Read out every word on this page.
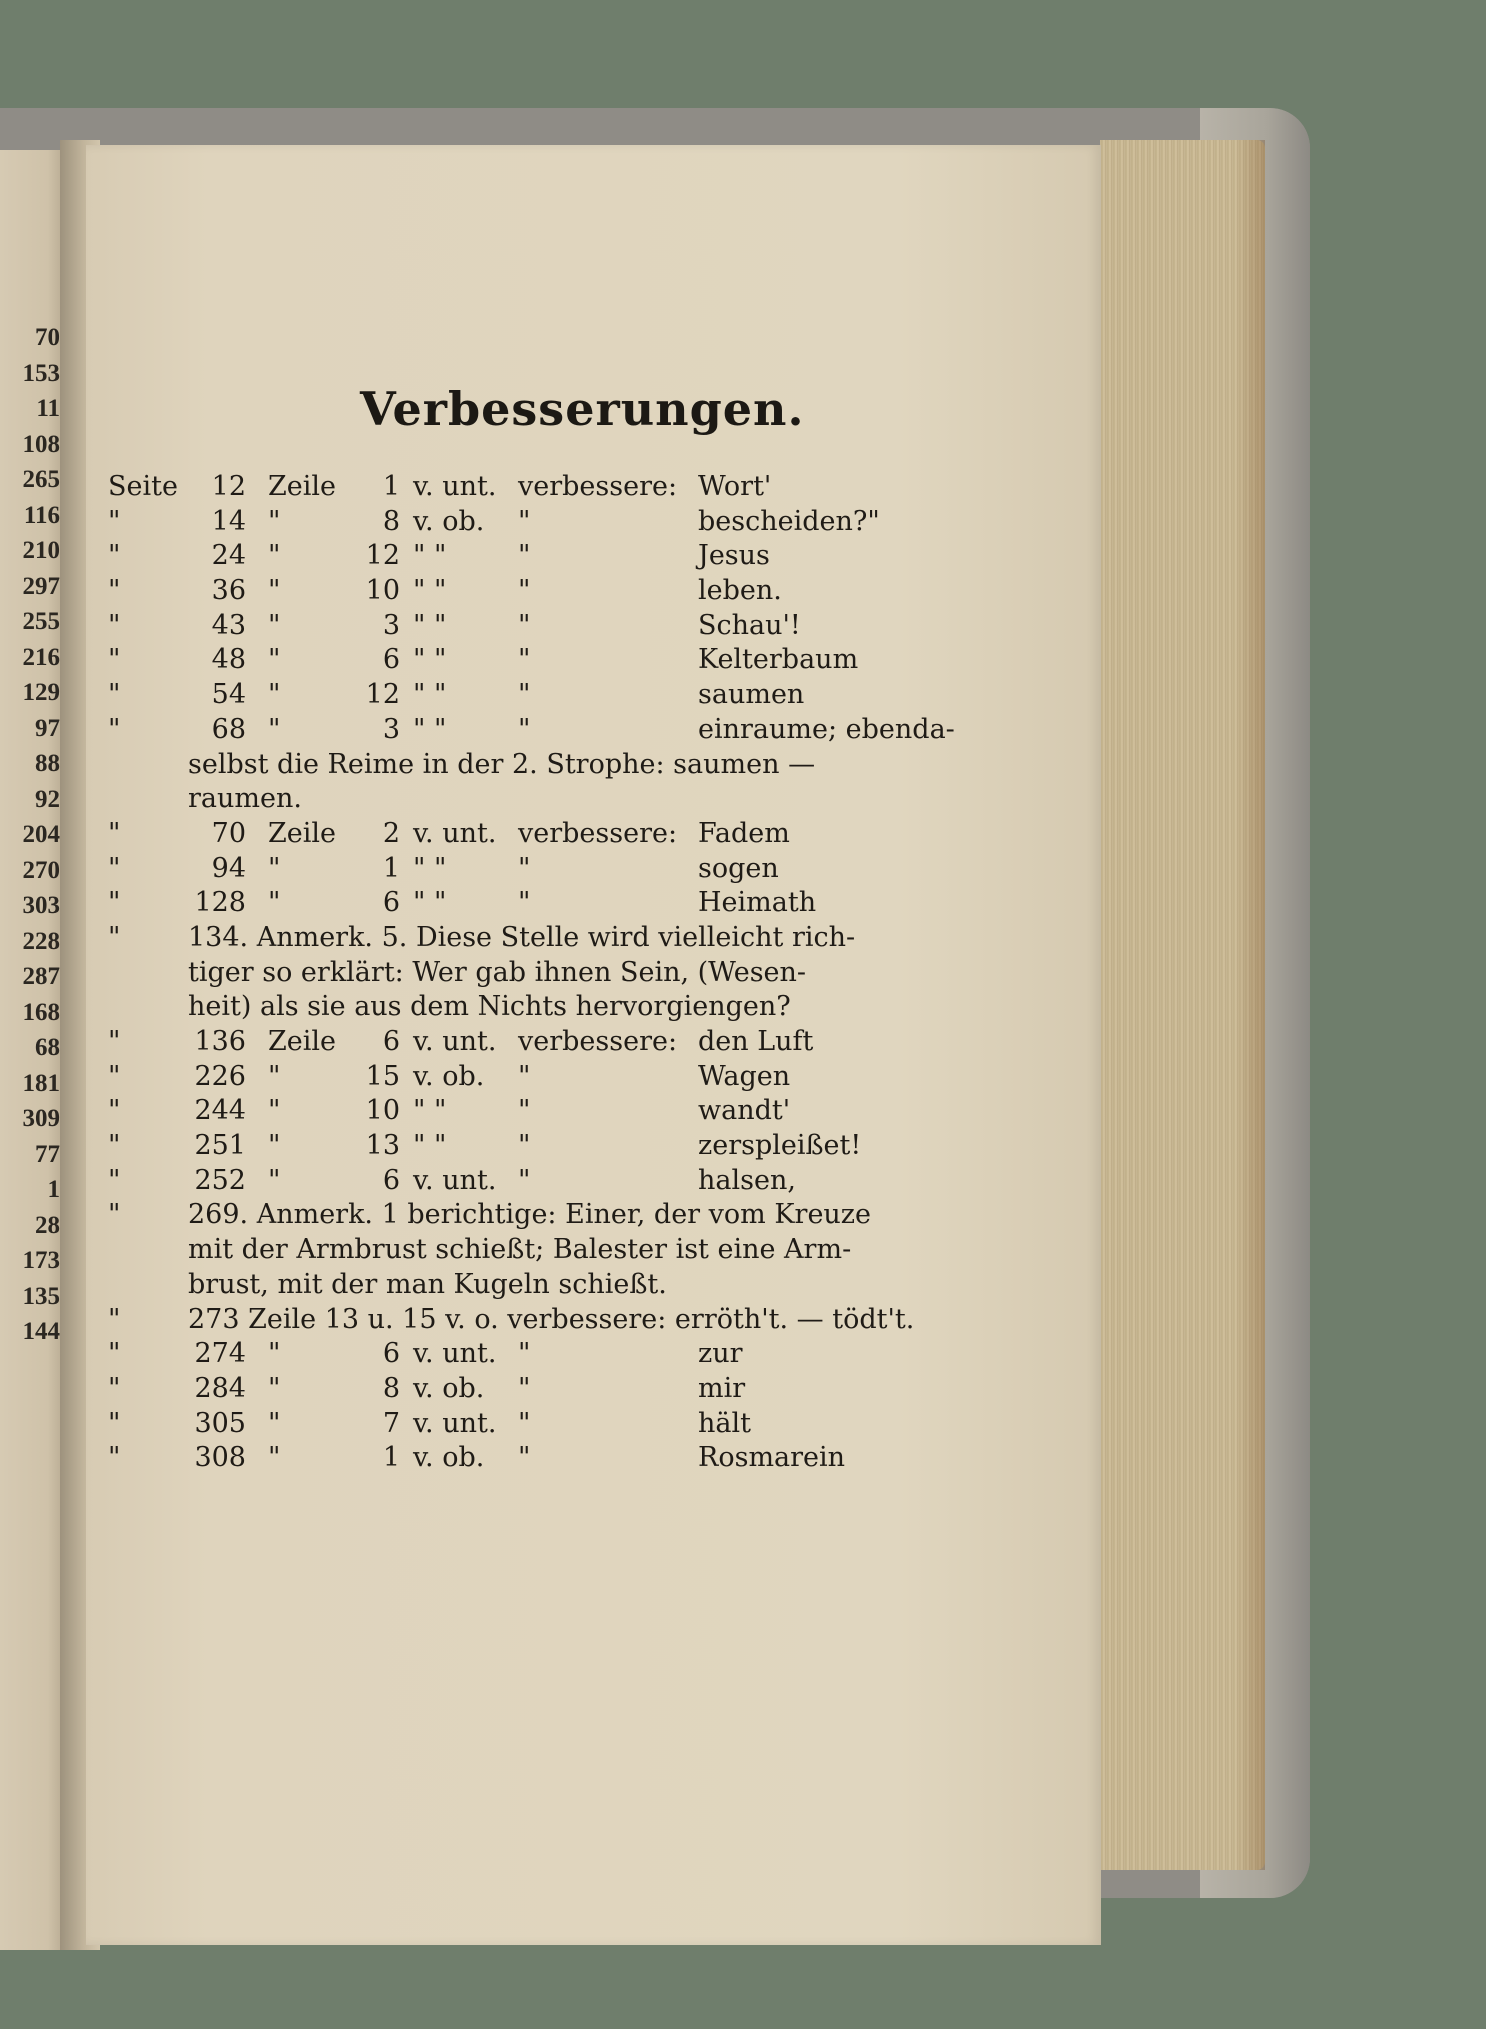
70
153
11
108
265
116
210
297
255
216
129
97
88
92
204
270
303
228
287
168
68
181
309
77
1
28
173
135
144
Verbesserungen.
Seite	12 Zeile	1 v. unt. verbessere: Wort'
"	14 "	8 v. ob. "	bescheiden?"
"	24 "	12 " "	"	Jesus
"	36 "	10 " "	"	leben.
"	43 "	3 " "	"	Schau'!
"	48 "	6 " "	"	Kelterbaum
"	54 "	12 " "	"	saumen
"	68 "	3 " "	"	einraume; ebenda-
selbst die Reime in der 2. Strophe: saumen —
raumen.
"	70 Zeile	2 v. unt. verbessere: Fadem
"	94 "	1 " "	"	sogen
"	128 "	6 " "	"	Heimath
"	134. Anmerk. 5. Diese Stelle wird vielleicht rich-
tiger so erklärt: Wer gab ihnen Sein, (Wesen-
heit) als sie aus dem Nichts hervorgiengen?
"	136 Zeile	6 v. unt. verbessere: den Luft
"	226 "	15 v. ob. "	Wagen
"	244 "	10 " "	"	wandt'
"	251 "	13 " "	"	zerspleißet!
"	252 "	6 v. unt. "	halsen,
"	269. Anmerk. 1 berichtige: Einer, der vom Kreuze
mit der Armbrust schießt; Balester ist eine Arm-
brust, mit der man Kugeln schießt.
"	273 Zeile 13 u. 15 v. o. verbessere: erröth't. — tödt't.
"	274 "	6 v. unt. "	zur
"	284 "	8 v. ob. "	mir
"	305 "	7 v. unt. "	hält
"	308 "	1 v. ob. "	Rosmarein
